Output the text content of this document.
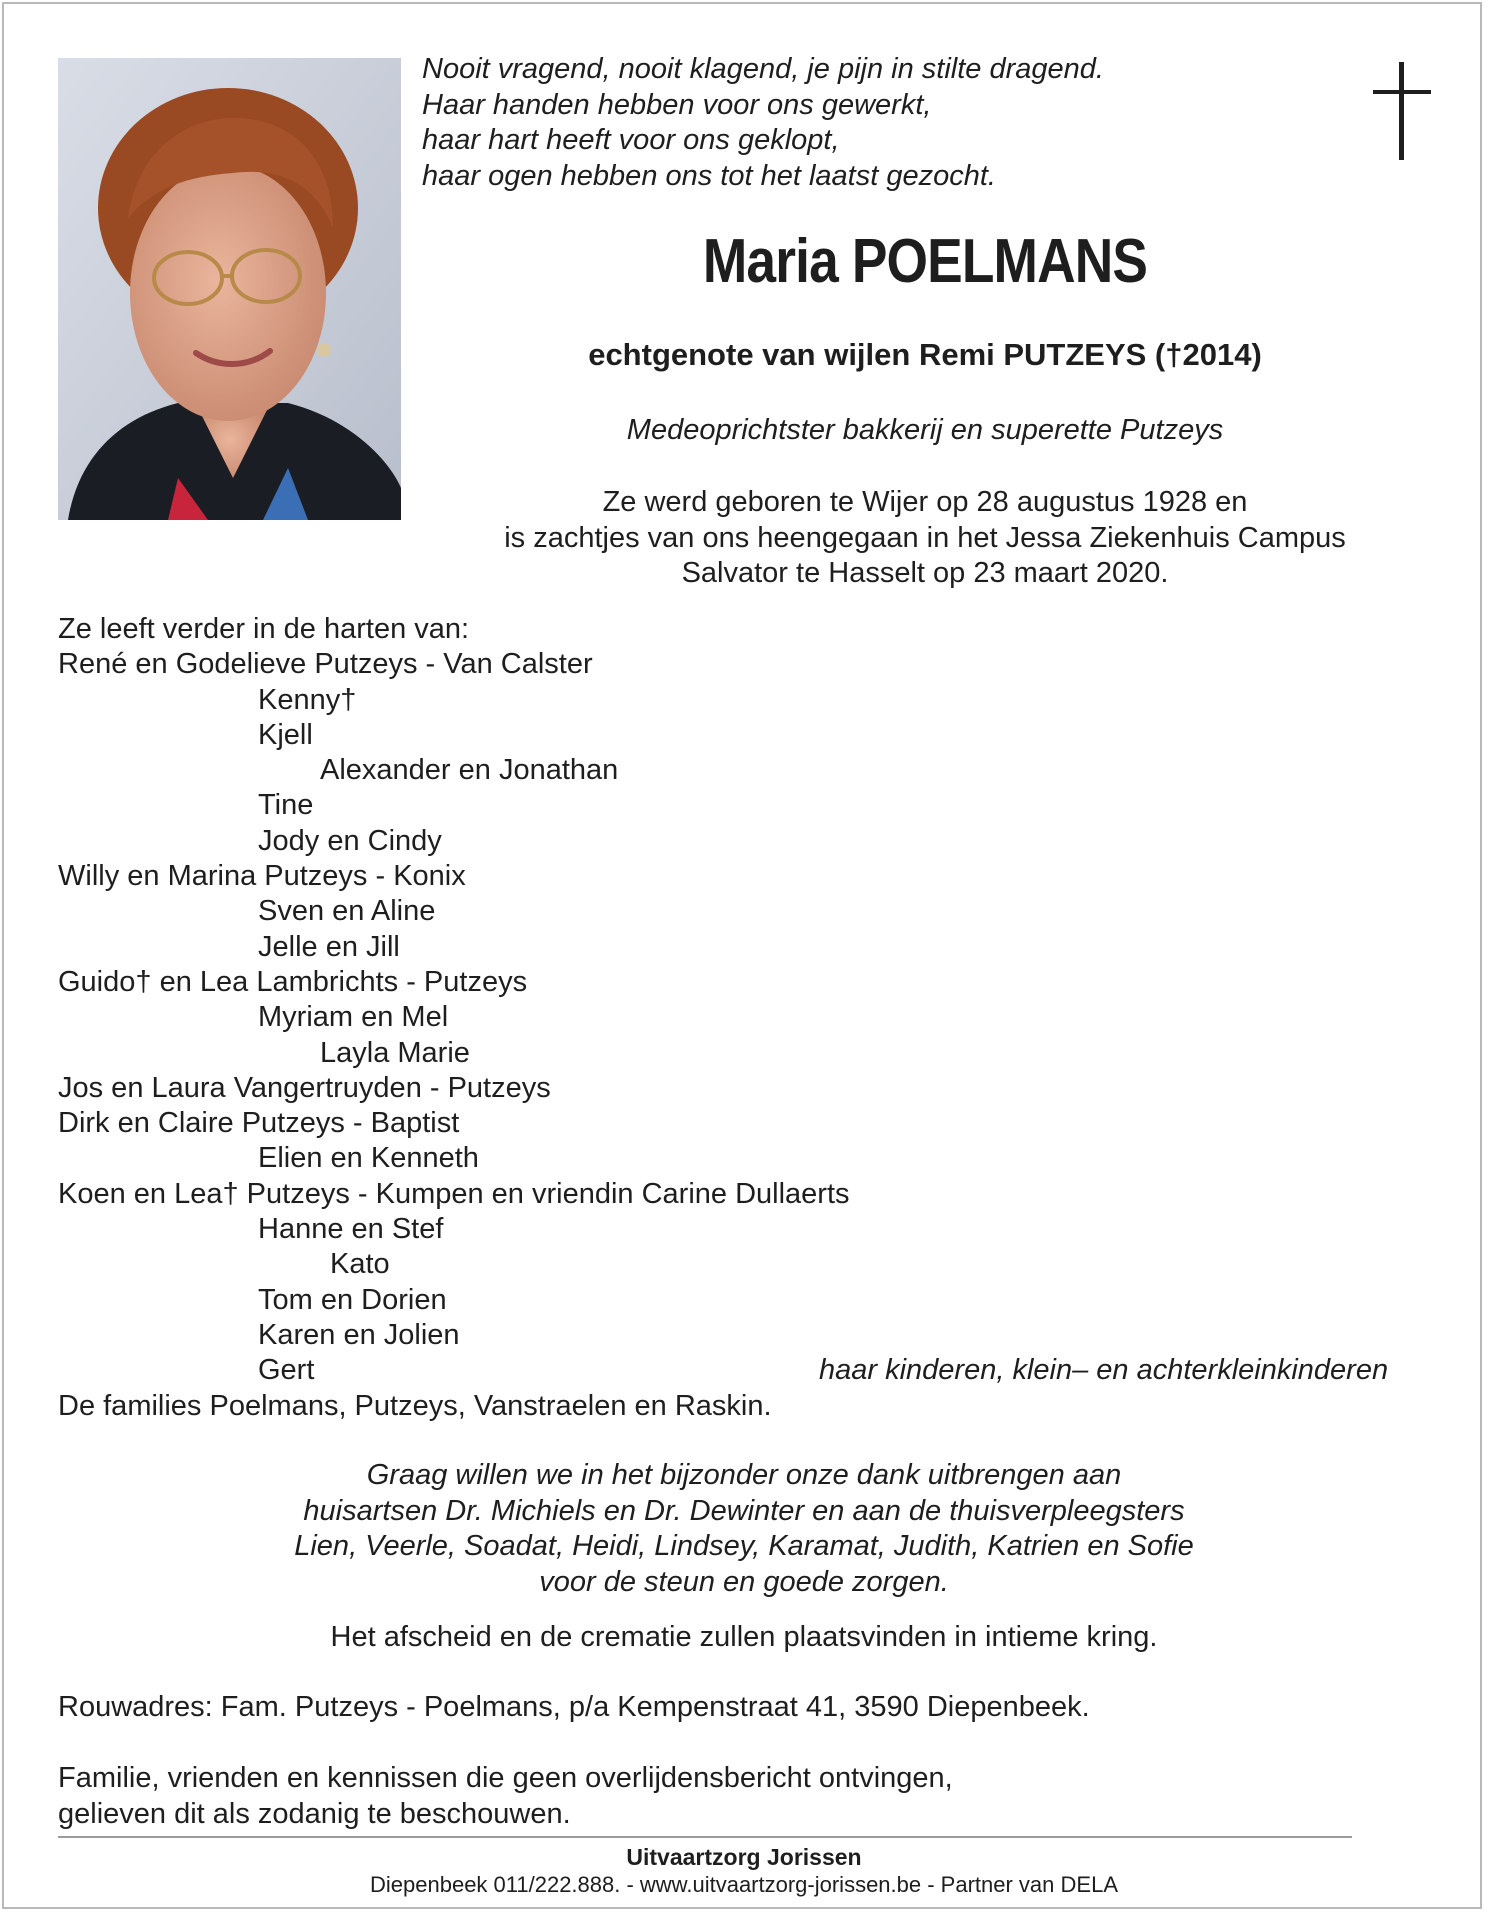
Nooit vragend, nooit klagend, je pijn in stilte dragend.
Haar handen hebben voor ons gewerkt,
haar hart heeft voor ons geklopt,
haar ogen hebben ons tot het laatst gezocht.
Maria POELMANS
echtgenote van wijlen Remi PUTZEYS (†2014)
Medeoprichtster bakkerij en superette Putzeys
Ze werd geboren te Wijer op 28 augustus 1928 en
is zachtjes van ons heengegaan in het Jessa Ziekenhuis Campus
Salvator te Hasselt op 23 maart 2020.
Ze leeft verder in de harten van:
René en Godelieve Putzeys - Van Calster
Kenny†
Kjell
Alexander en Jonathan
Tine
Jody en Cindy
Willy en Marina Putzeys - Konix
Sven en Aline
Jelle en Jill
Guido† en Lea Lambrichts - Putzeys
Myriam en Mel
Layla Marie
Jos en Laura Vangertruyden - Putzeys
Dirk en Claire Putzeys - Baptist
Elien en Kenneth
Koen en Lea† Putzeys - Kumpen en vriendin Carine Dullaerts
Hanne en Stef
Kato
Tom en Dorien
Karen en Jolien
Gert	haar kinderen, klein– en achterkleinkinderen
De families Poelmans, Putzeys, Vanstraelen en Raskin.
Graag willen we in het bijzonder onze dank uitbrengen aan
huisartsen Dr. Michiels en Dr. Dewinter en aan de thuisverpleegsters
Lien, Veerle, Soadat, Heidi, Lindsey, Karamat, Judith, Katrien en Sofie
voor de steun en goede zorgen.
Het afscheid en de crematie zullen plaatsvinden in intieme kring.
Rouwadres: Fam. Putzeys - Poelmans, p/a Kempenstraat 41, 3590 Diepenbeek.
Familie, vrienden en kennissen die geen overlijdensbericht ontvingen,
gelieven dit als zodanig te beschouwen.
Uitvaartzorg Jorissen
Diepenbeek 011/222.888. - www.uitvaartzorg-jorissen.be - Partner van DELA
